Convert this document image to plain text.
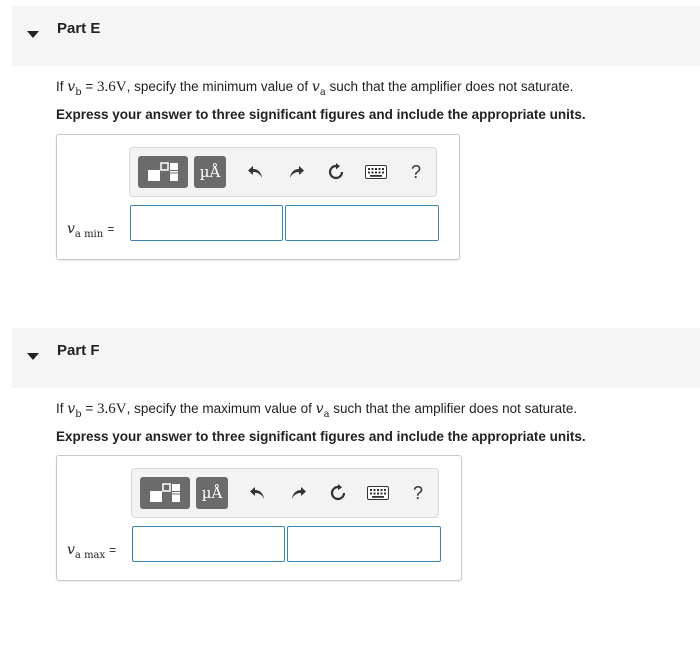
Part E
If $v_b = 3.6V$, specify the minimum value of $v_a$ such that the amplifier does not saturate.
Express your answer to three significant figures and include the appropriate units.
µÅ	?
$v_{a min}$ =
Part F
If $v_b = 3.6V$, specify the maximum value of $v_a$ such that the amplifier does not saturate.
Express your answer to three significant figures and include the appropriate units.
µÅ	?
$v_{a max}$ =
